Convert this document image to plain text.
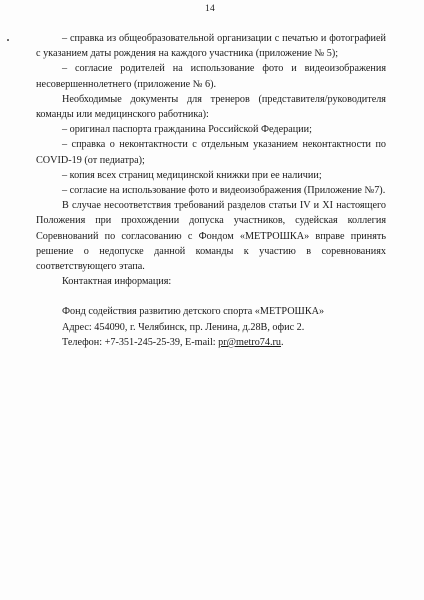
14

– справка из общеобразовательной организации с печатью и фотографией с указанием даты рождения на каждого участника (приложение № 5);

– согласие родителей на использование фото и видеоизображения несовершеннолетнего (приложение № 6).

Необходимые документы для тренеров (представителя/руководителя команды или медицинского работника):

– оригинал паспорта гражданина Российской Федерации;

– справка о неконтактности с отдельным указанием неконтактности по COVID-19 (от педиатра);

– копия всех страниц медицинской книжки при ее наличии;

– согласие на использование фото и видеоизображения (Приложение №7).

В случае несоответствия требований разделов статьи IV и XI настоящего Положения при прохождении допуска участников, судейская коллегия Соревнований по согласованию с Фондом «МЕТРОШКА» вправе принять решение о недопуске данной команды к участию в соревнованиях соответствующего этапа.

Контактная информация:

Фонд содействия развитию детского спорта «МЕТРОШКА»

Адрес: 454090, г. Челябинск, пр. Ленина, д.28В, офис 2.

Телефон: +7-351-245-25-39, E-mail: pr@metro74.ru.
